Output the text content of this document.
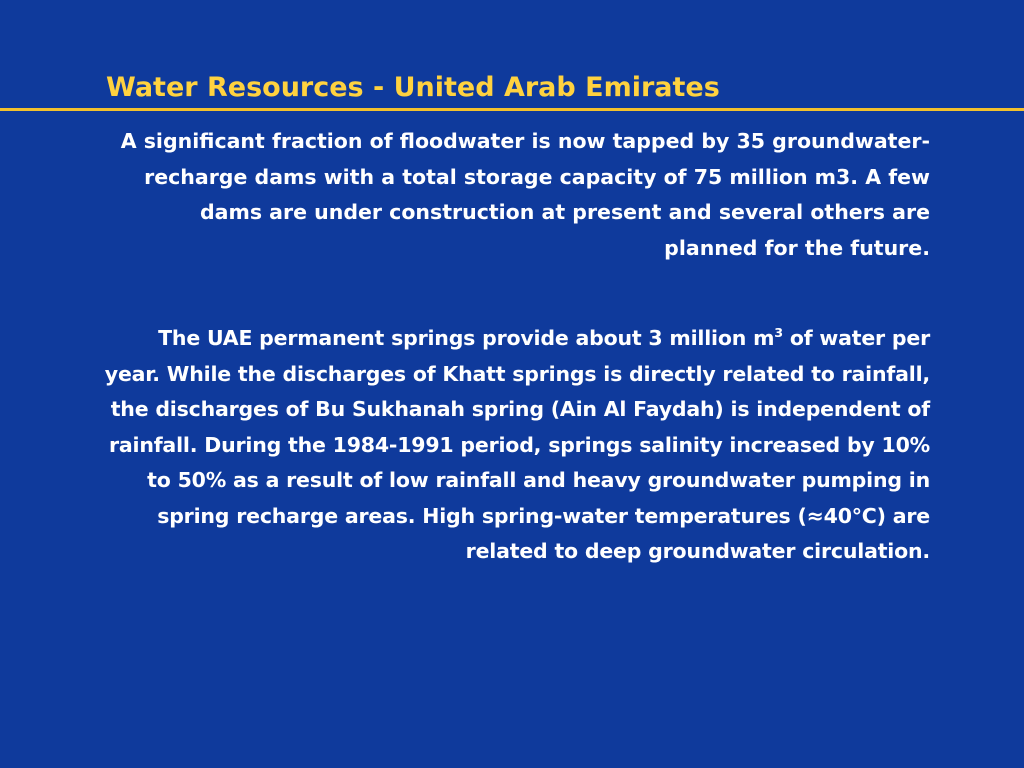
Water Resources - United Arab Emirates

A significant fraction of floodwater is now tapped by 35 groundwater-recharge dams with a total storage capacity of 75 million m3. A few dams are under construction at present and several others are planned for the future.

The UAE permanent springs provide about 3 million $m^3$ of water per year. While the discharges of Khatt springs is directly related to rainfall, the discharges of Bu Sukhanah spring (Ain Al Faydah) is independent of rainfall. During the 1984-1991 period, springs salinity increased by 10% to 50% as a result of low rainfall and heavy groundwater pumping in spring recharge areas. High spring-water temperatures (≈40°C) are related to deep groundwater circulation.
